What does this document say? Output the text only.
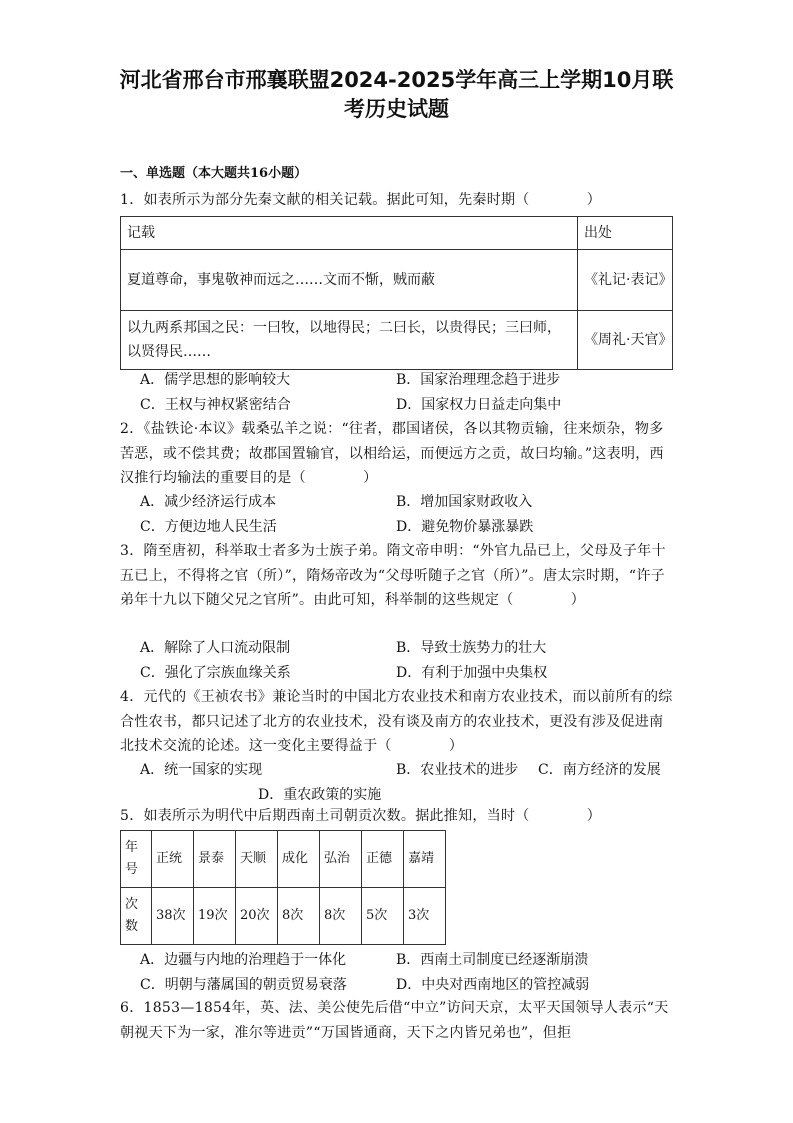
河北省邢台市邢襄联盟2024-2025学年高三上学期10月联
考历史试题
一、单选题（本大题共16小题）
1．如表所示为部分先秦文献的相关记载。据此可知，先秦时期（　　　　）
记载	出处
夏道尊命，事鬼敬神而远之……文而不惭，贼而蔽	《礼记·表记》
以九两系邦国之民：一曰牧，以地得民；二曰长，以贵得民；三曰师，以贤得民……	《周礼·天官》
A．儒学思想的影响较大	B．国家治理理念趋于进步
C．王权与神权紧密结合	D．国家权力日益走向集中
2．《盐铁论·本议》载桑弘羊之说：“往者，郡国诸侯，各以其物贡输，往来烦杂，物多苦恶，或不偿其费；故郡国置输官，以相给运，而便远方之贡，故曰均输。”这表明，西汉推行均输法的重要目的是（　　　　）
A．减少经济运行成本	B．增加国家财政收入
C．方便边地人民生活	D．避免物价暴涨暴跌
3．隋至唐初，科举取士者多为士族子弟。隋文帝申明：“外官九品已上，父母及子年十五已上，不得将之官（所）”，隋炀帝改为“父母听随子之官（所）”。唐太宗时期，“许子弟年十九以下随父兄之官所”。由此可知，科举制的这些规定（　　　　）
A．解除了人口流动限制	B．导致士族势力的壮大
C．强化了宗族血缘关系	D．有利于加强中央集权
4．元代的《王祯农书》兼论当时的中国北方农业技术和南方农业技术，而以前所有的综合性农书，都只记述了北方的农业技术，没有谈及南方的农业技术，更没有涉及促进南北技术交流的论述。这一变化主要得益于（　　　　）
A．统一国家的实现	B．农业技术的进步	C．南方经济的发展
D．重农政策的实施
5．如表所示为明代中后期西南土司朝贡次数。据此推知，当时（　　　　）
年号	正统	景泰	天顺	成化	弘治	正德	嘉靖
次数	38次	19次	20次	8次	8次	5次	3次
A．边疆与内地的治理趋于一体化	B．西南土司制度已经逐渐崩溃
C．明朝与藩属国的朝贡贸易衰落	D．中央对西南地区的管控减弱
6．1853—1854年，英、法、美公使先后借“中立”访问天京，太平天国领导人表示“天朝视天下为一家，准尔等进贡”“万国皆通商，天下之内皆兄弟也”，但拒
